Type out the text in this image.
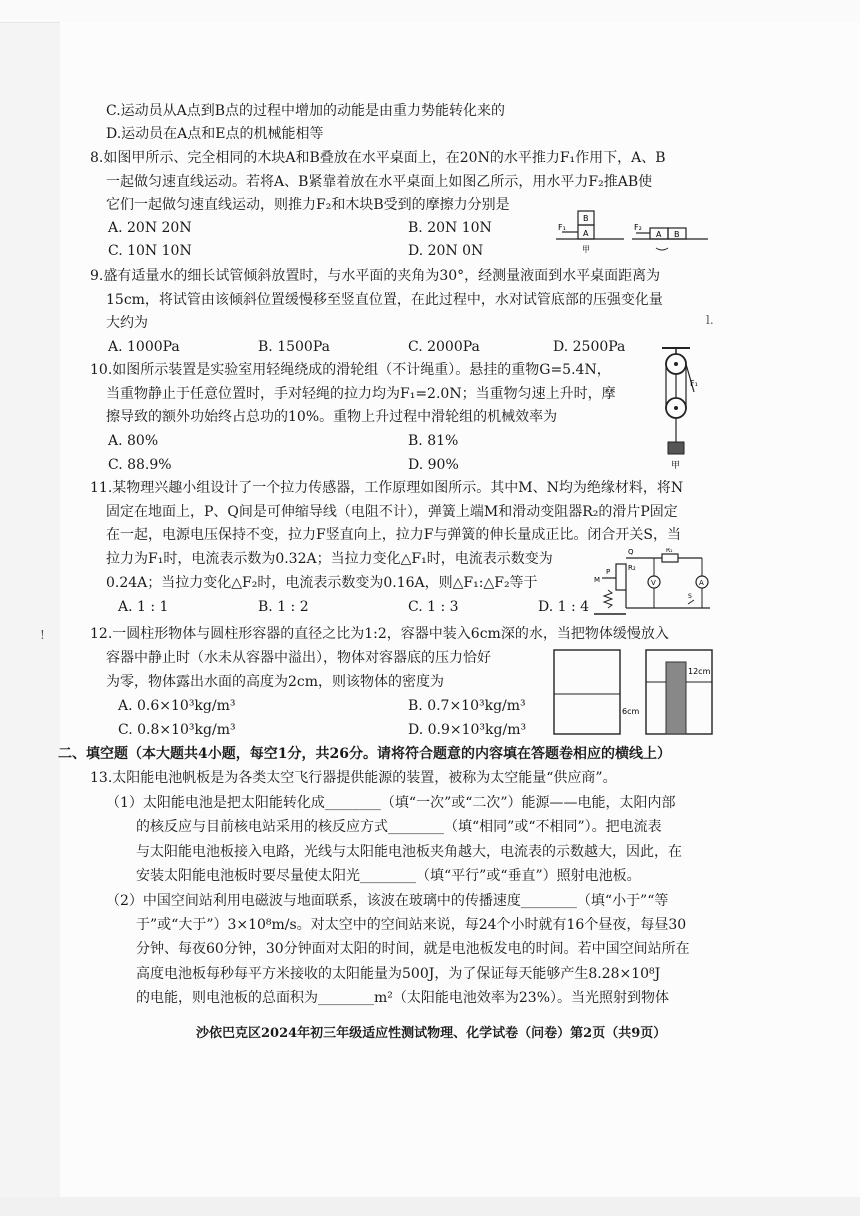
C.运动员从A点到B点的过程中增加的动能是由重力势能转化来的
D.运动员在A点和E点的机械能相等
8.如图甲所示、完全相同的木块A和B叠放在水平桌面上，在20N的水平推力F₁作用下，A、B
一起做匀速直线运动。若将A、B紧靠着放在水平桌面上如图乙所示，用水平力F₂推AB使
它们一起做匀速直线运动，则推力F₂和木块B受到的摩擦力分别是
A. 20N 20N	B. 20N 10N
C. 10N 10N	D. 20N 0N
F₁
B
A
甲
F₂
A B
9.盛有适量水的细长试管倾斜放置时，与水平面的夹角为30°，经测量液面到水平桌面距离为
15cm，将试管由该倾斜位置缓慢移至竖直位置，在此过程中，水对试管底部的压强变化量
大约为	l.
A. 1000Pa	B. 1500Pa	C. 2000Pa	D. 2500Pa
10.如图所示装置是实验室用轻绳绕成的滑轮组（不计绳重）。悬挂的重物G=5.4N，
当重物静止于任意位置时，手对轻绳的拉力均为F₁=2.0N；当重物匀速上升时，摩
擦导致的额外功始终占总功的10%。重物上升过程中滑轮组的机械效率为
A. 80%	B. 81%
C. 88.9%	D. 90%
F₁
甲
11.某物理兴趣小组设计了一个拉力传感器，工作原理如图所示。其中M、N均为绝缘材料，将N
固定在地面上，P、Q间是可伸缩导线（电阻不计），弹簧上端M和滑动变阻器R₂的滑片P固定
在一起，电源电压保持不变，拉力F竖直向上，拉力F与弹簧的伸长量成正比。闭合开关S，当
拉力为F₁时，电流表示数为0.32A；当拉力变化△F₁时，电流表示数变为
0.24A；当拉力变化△F₂时，电流表示数变为0.16A，则△F₁:△F₂等于
A. 1 : 1	B. 1 : 2	C. 1 : 3	D. 1 : 4
Q
R₂
P
M	V
R₁
A
S
!	12.一圆柱形物体与圆柱形容器的直径之比为1:2，容器中装入6cm深的水，当把物体缓慢放入
容器中静止时（水未从容器中溢出），物体对容器底的压力恰好
为零，物体露出水面的高度为2cm，则该物体的密度为
A. 0.6×10³kg/m³	B. 0.7×10³kg/m³
C. 0.8×10³kg/m³	D. 0.9×10³kg/m³
6cm
12cm
二、填空题（本大题共4小题，每空1分，共26分。请将符合题意的内容填在答题卷相应的横线上）
13.太阳能电池帆板是为各类太空飞行器提供能源的装置，被称为太空能量“供应商”。
（1）太阳能电池是把太阳能转化成________（填“一次”或“二次”）能源——电能，太阳内部
的核反应与目前核电站采用的核反应方式________（填“相同”或“不相同”）。把电流表
与太阳能电池板接入电路，光线与太阳能电池板夹角越大，电流表的示数越大，因此，在
安装太阳能电池板时要尽量使太阳光________（填“平行”或“垂直”）照射电池板。
（2）中国空间站利用电磁波与地面联系，该波在玻璃中的传播速度________（填“小于”“等
于”或“大于”）3×10⁸m/s。对太空中的空间站来说，每24个小时就有16个昼夜，每昼30
分钟、每夜60分钟，30分钟面对太阳的时间，就是电池板发电的时间。若中国空间站所在
高度电池板每秒每平方米接收的太阳能量为500J，为了保证每天能够产生8.28×10⁸J
的电能，则电池板的总面积为________m²（太阳能电池效率为23%）。当光照射到物体
沙依巴克区2024年初三年级适应性测试物理、化学试卷（问卷）第2页（共9页）
